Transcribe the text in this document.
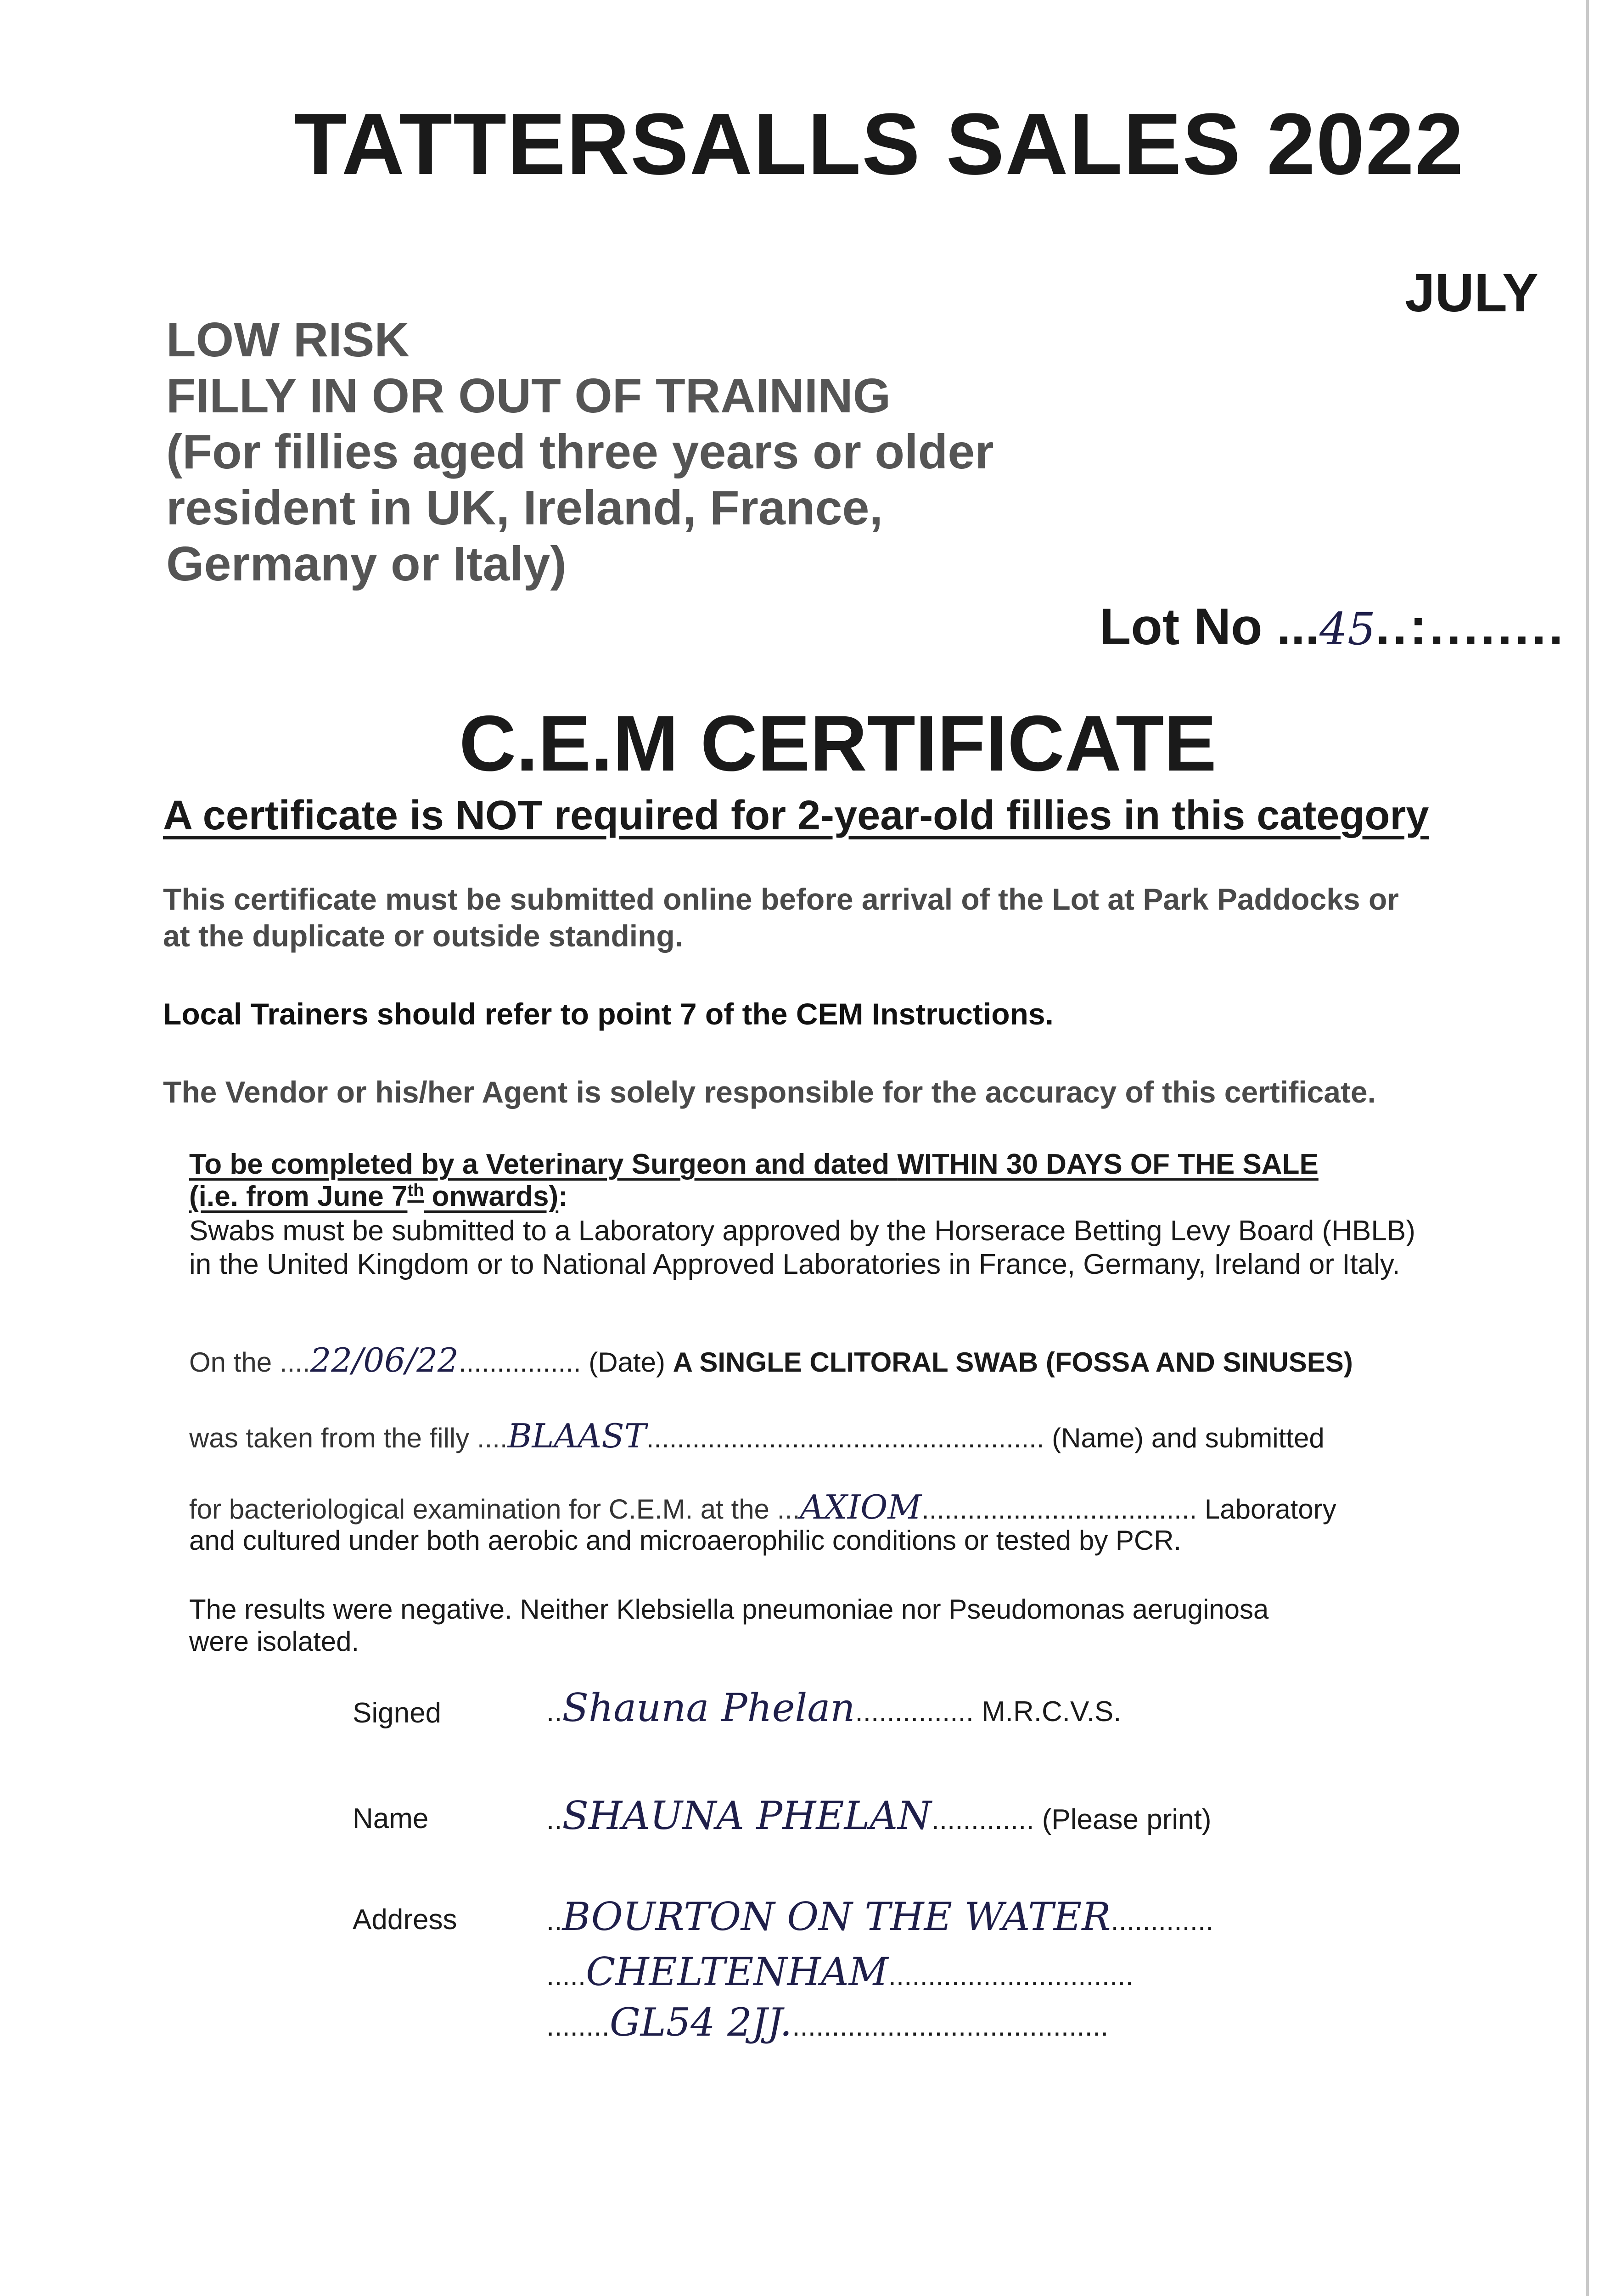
TATTERSALLS SALES 2022
JULY
LOW RISK
FILLY IN OR OUT OF TRAINING
(For fillies aged three years or older
resident in UK, Ireland, France,
Germany or Italy)
Lot No ...45..:........
C.E.M CERTIFICATE
A certificate is NOT required for 2-year-old fillies in this category
This certificate must be submitted online before arrival of the Lot at Park Paddocks or
at the duplicate or outside standing.
Local Trainers should refer to point 7 of the CEM Instructions.
The Vendor or his/her Agent is solely responsible for the accuracy of this certificate.
To be completed by a Veterinary Surgeon and dated WITHIN 30 DAYS OF THE SALE
(i.e. from June 7th onwards):
Swabs must be submitted to a Laboratory approved by the Horserace Betting Levy Board (HBLB)
in the United Kingdom or to National Approved Laboratories in France, Germany, Ireland or Italy.
On the ....22/06/22................ (Date) A SINGLE CLITORAL SWAB (FOSSA AND SINUSES)
was taken from the filly ....BLAAST.................................................... (Name) and submitted
for bacteriological examination for C.E.M. at the ...AXIOM.................................... Laboratory
and cultured under both aerobic and microaerophilic conditions or tested by PCR.
The results were negative. Neither Klebsiella pneumoniae nor Pseudomonas aeruginosa
were isolated.
Signed	..Shauna Phelan............... M.R.C.V.S.
Name	..SHAUNA PHELAN............. (Please print)
Address	..BOURTON ON THE WATER.............
.....CHELTENHAM...............................
........GL54 2JJ.........................................
